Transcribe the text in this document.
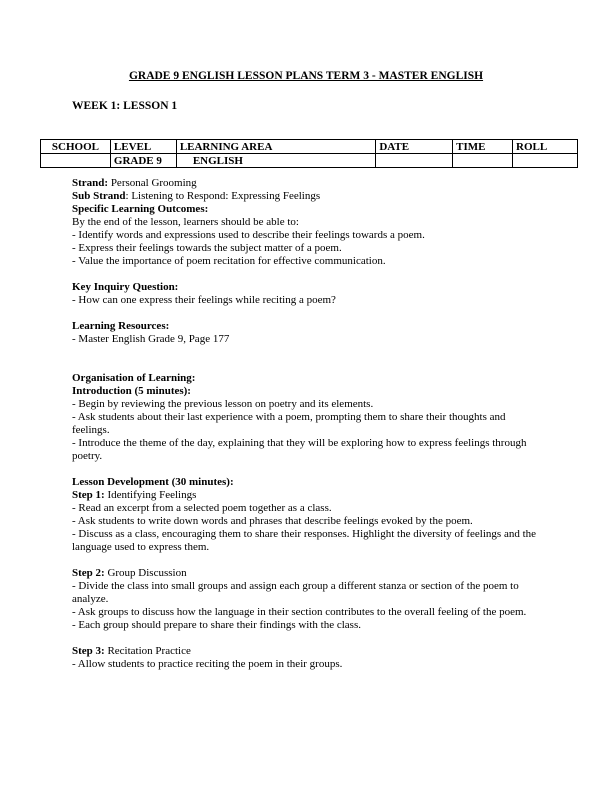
GRADE 9 ENGLISH LESSON PLANS TERM 3 - MASTER ENGLISH
WEEK 1: LESSON 1
SCHOOL	LEVEL	LEARNING AREA	DATE	TIME	ROLL
	GRADE 9	ENGLISH			

Strand: Personal Grooming

Sub Strand: Listening to Respond: Expressing Feelings

Specific Learning Outcomes:

By the end of the lesson, learners should be able to:

- Identify words and expressions used to describe their feelings towards a poem.

- Express their feelings towards the subject matter of a poem.

- Value the importance of poem recitation for effective communication.

Key Inquiry Question:

- How can one express their feelings while reciting a poem?

Learning Resources:

- Master English Grade 9, Page 177

Organisation of Learning:

Introduction (5 minutes):

- Begin by reviewing the previous lesson on poetry and its elements.

- Ask students about their last experience with a poem, prompting them to share their thoughts and feelings.

- Introduce the theme of the day, explaining that they will be exploring how to express feelings through poetry.

Lesson Development (30 minutes):

Step 1: Identifying Feelings

- Read an excerpt from a selected poem together as a class.

- Ask students to write down words and phrases that describe feelings evoked by the poem.

- Discuss as a class, encouraging them to share their responses. Highlight the diversity of feelings and the language used to express them.

Step 2: Group Discussion

- Divide the class into small groups and assign each group a different stanza or section of the poem to analyze.

- Ask groups to discuss how the language in their section contributes to the overall feeling of the poem.

- Each group should prepare to share their findings with the class.

Step 3: Recitation Practice

- Allow students to practice reciting the poem in their groups.
